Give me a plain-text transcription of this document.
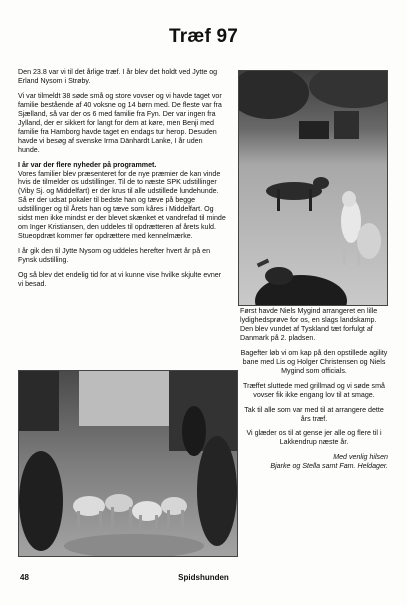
Træf 97

Den 23.8 var vi til det årlige træf. I år blev det holdt ved Jytte og Erland Nysom i Strøby.

Vi var tilmeldt 38 søde små og store vovser og vi havde taget vor familie bestående af 40 voksne og 14 børn med. De fleste var fra Sjælland, så var der os 6 med familie fra Fyn. Der var ingen fra Jylland, der er sikkert for langt for dem at køre, men Benji med familie fra Hamborg havde taget en endags tur herop. Desuden havde vi besøg af svenske Irma Dänhardt Lanke, I år uden hunde.

I år var der flere nyheder på programmet.
Vores familier blev præsenteret for de nye præmier de kan vinde hvis de tilmelder os udstillinger. Til de to næste SPK udstillinger (Viby Sj. og Middelfart) er der krus til alle udstillede lundehunde. Så er der udsat pokaler til bedste han og tæve på begge udstillinger og til Årets han og tæve som kåres i Middelfart. Og sidst men ikke mindst er der blevet skænket et vandrefad til minde om Inger Kristiansen, den uddeles til opdrætteren af årets kuld. Stueopdræt kommer før opdrættere med kennelmærke.

I år gik den til Jytte Nysom og uddeles herefter hvert år på en Fynsk udstilling.

Og så blev det endelig tid for at vi kunne vise hvilke skjulte evner vi besad.

Først havde Niels Mygind arrangeret en lille lydighedsprøve for os, en slags landskamp. Den blev vundet af Tyskland tæt forfulgt af Danmark på 2. pladsen.

Bagefter løb vi om kap på den opstillede agility bane med Lis og Holger Christensen og Niels Mygind som officials.

Træffet sluttede med grillmad og vi søde små vovser fik ikke engang lov til at smage.

Tak til alle som var med til at arrangere dette års træf.

Vi glæder os til at gense jer alle og flere til i Lakkendrup næste år.

Med venlig hilsen
Bjarke og Stella samt Fam. Heldager.
48	Spidshunden
